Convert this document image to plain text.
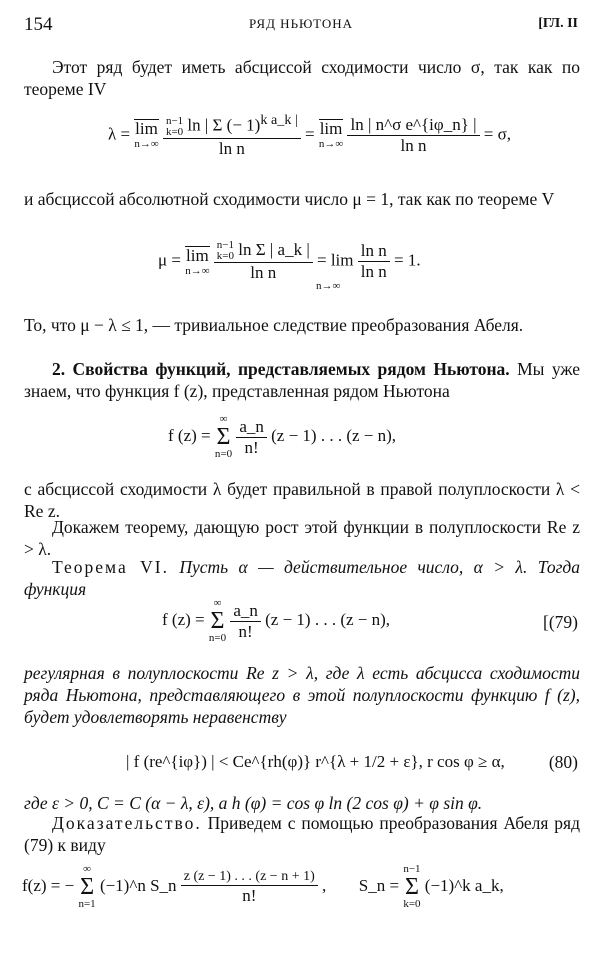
154	РЯД НЬЮТОНА	[ГЛ. II
Этот ряд будет иметь абсциссой сходимости число σ, так как по теореме IV
λ = lim
n→∞
n−1
k=0 ln | Σ (− 1)$^{k a\_k |}$
ln n = lim
n→∞
$\frac{\text{ln | n\textasciicircum{}σ e\textasciicircum{}\{iφ\_n\} |}}{\text{ln n}} = \sigma$,
и абсциссой абсолютной сходимости число μ = 1, так как по теореме V
μ = lim
n→∞
n−1
k=0 ln Σ | a_k |
$\ln n = \lim \frac{\text{ln n}}{\text{ln n}} = 1$.
n→∞
То, что μ − λ ≤ 1, — тривиальное следствие преобразования Абеля.
2. Свойства функций, представляемых рядом Ньютона. Мы уже знаем, что функция f (z), представленная рядом Ньютона
f (z) =
∞
Σ
n=0
$\frac{a\_n}{n!} (z - 1)$ . . . (z − n),
с абсциссой сходимости λ будет правильной в правой полуплоскости λ < Re z.
Докажем теорему, дающую рост этой функции в полуплоскости Re z > λ.
Теорема VI. Пусть α — действительное число, α > λ. Тогда функция
f (z) =
∞
Σ
n=0
$\frac{a\_n}{n!} (z - 1)$ . . . (z − n),	[(79)
регулярная в полуплоскости Re z > λ, где λ есть абсцисса сходимости ряда Ньютона, представляющего в этой полуплоскости функцию f (z), будет удовлетворять неравенству
| f (re^{iφ}) | < Ce^{rh(φ)} r^{λ + 1/2 + ε}, r cos φ ≥ α,	(80)
где ε > 0, C = C (α − λ, ε), а h (φ) = cos φ ln (2 cos φ) + φ sin φ.
Доказательство. Приведем с помощью преобразования Абеля ряд (79) к виду
f(z) = −
∞
Σ
n=1
(−1)^n S_n $\frac{z (z - 1) . . . (z - n + 1)}{n!}$ , S_n =
n−1
Σ
k=0
(−1)^k a_k,
